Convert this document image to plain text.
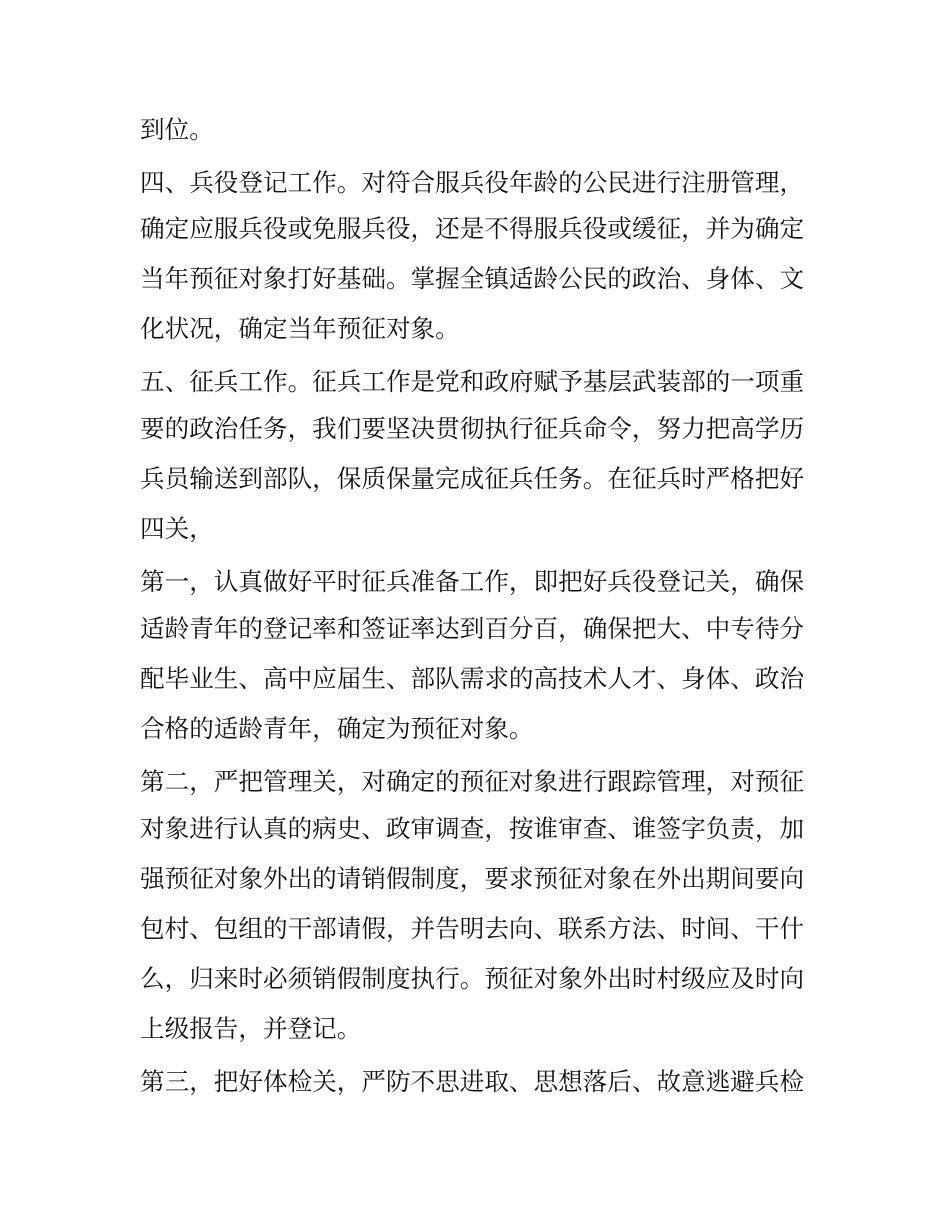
到位。
四、兵役登记工作。对符合服兵役年龄的公民进行注册管理，
确定应服兵役或免服兵役，还是不得服兵役或缓征，并为确定
当年预征对象打好基础。掌握全镇适龄公民的政治、身体、文
化状况，确定当年预征对象。
五、征兵工作。征兵工作是党和政府赋予基层武装部的一项重
要的政治任务，我们要坚决贯彻执行征兵命令，努力把高学历
兵员输送到部队，保质保量完成征兵任务。在征兵时严格把好
四关，
第一，认真做好平时征兵准备工作，即把好兵役登记关，确保
适龄青年的登记率和签证率达到百分百，确保把大、中专待分
配毕业生、高中应届生、部队需求的高技术人才、身体、政治
合格的适龄青年，确定为预征对象。
第二，严把管理关，对确定的预征对象进行跟踪管理，对预征
对象进行认真的病史、政审调查，按谁审查、谁签字负责，加
强预征对象外出的请销假制度，要求预征对象在外出期间要向
包村、包组的干部请假，并告明去向、联系方法、时间、干什
么，归来时必须销假制度执行。预征对象外出时村级应及时向
上级报告，并登记。
第三，把好体检关，严防不思进取、思想落后、故意逃避兵检
